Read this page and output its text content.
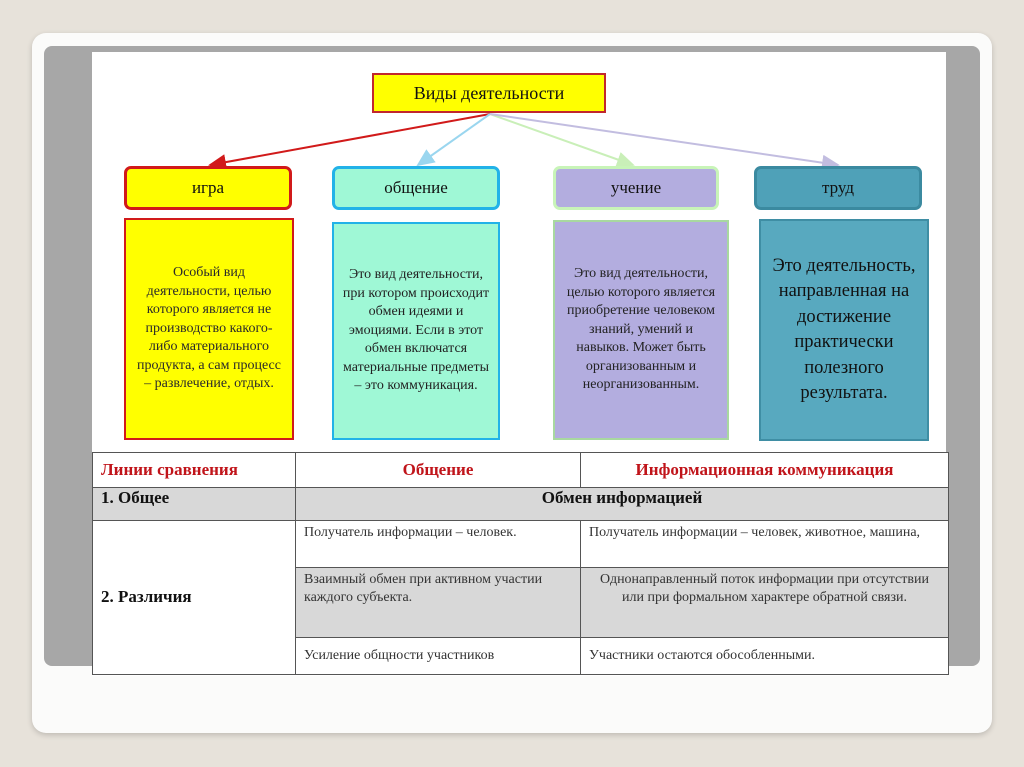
Виды деятельности
игра	общение	учение	труд
Особый вид деятельности, целью которого является не производство какого-либо материального продукта, а сам процесс – развлечение, отдых.
Это вид деятельности, при котором происходит обмен идеями и эмоциями. Если в этот обмен включатся материальные предметы – это коммуникация.
Это вид деятельности, целью которого является приобретение человеком знаний, умений и навыков. Может быть организованным и неорганизованным.
Это деятельность, направленная на достижение практически полезного результата.
Линии сравнения	Общение	Информационная коммуникация
1. Общее	Обмен информацией	
2. Различия	Получатель информации – человек.	Получатель информации – человек, животное, машина,
	Взаимный обмен при активном участии каждого субъекта.	Однонаправленный поток информации при отсутствии или при формальном характере обратной связи.
	Усиление общности участников	Участники остаются обособленными.
